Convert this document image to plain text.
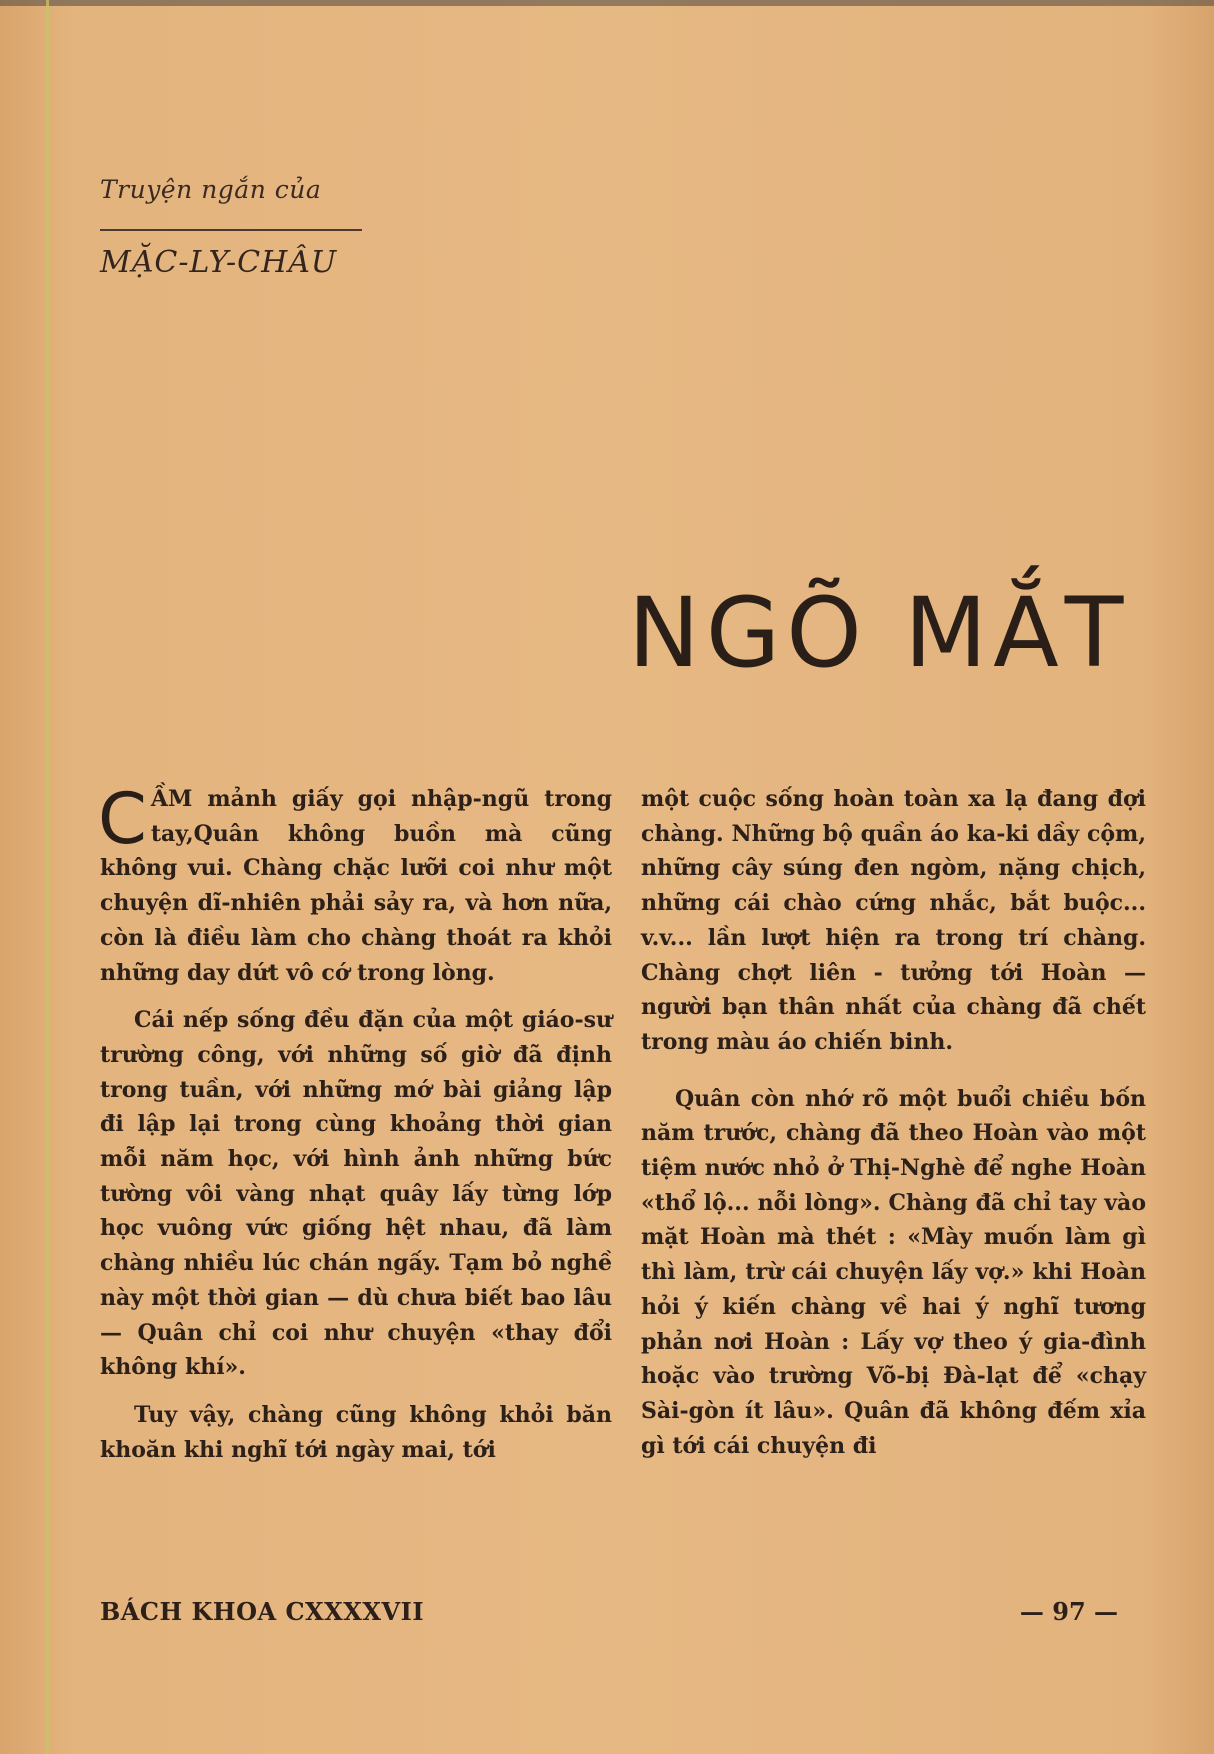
Truyện ngắn của
MẶC-LY-CHÂU
NGÕ MẮT

CẦM mảnh giấy gọi nhập-ngũ trong tay,Quân không buồn mà cũng không vui. Chàng chặc lưỡi coi như một chuyện dĩ-nhiên phải sảy ra, và hơn nữa, còn là điều làm cho chàng thoát ra khỏi những day dứt vô cớ trong lòng.

Cái nếp sống đều đặn của một giáo-sư trường công, với những số giờ đã định trong tuần, với những mớ bài giảng lập đi lập lại trong cùng khoảng thời gian mỗi năm học, với hình ảnh những bức tường vôi vàng nhạt quây lấy từng lớp học vuông vức giống hệt nhau, đã làm chàng nhiều lúc chán ngấy. Tạm bỏ nghề này một thời gian — dù chưa biết bao lâu — Quân chỉ coi như chuyện «thay đổi không khí».

Tuy vậy, chàng cũng không khỏi băn khoăn khi nghĩ tới ngày mai, tới

một cuộc sống hoàn toàn xa lạ đang đợi chàng. Những bộ quần áo ka-ki dầy cộm, những cây súng đen ngòm, nặng chịch, những cái chào cứng nhắc, bắt buộc... v.v... lần lượt hiện ra trong trí chàng. Chàng chợt liên - tưởng tới Hoàn — người bạn thân nhất của chàng đã chết trong màu áo chiến binh.

Quân còn nhớ rõ một buổi chiều bốn năm trước, chàng đã theo Hoàn vào một tiệm nước nhỏ ở Thị-Nghè để nghe Hoàn «thổ lộ... nỗi lòng». Chàng đã chỉ tay vào mặt Hoàn mà thét : «Mày muốn làm gì thì làm, trừ cái chuyện lấy vợ.» khi Hoàn hỏi ý kiến chàng về hai ý nghĩ tương phản nơi Hoàn : Lấy vợ theo ý gia-đình hoặc vào trường Võ-bị Đà-lạt để «chạy Sài-gòn ít lâu». Quân đã không đếm xỉa gì tới cái chuyện đi

BÁCH KHOA CXXXXVII	— 97 —
